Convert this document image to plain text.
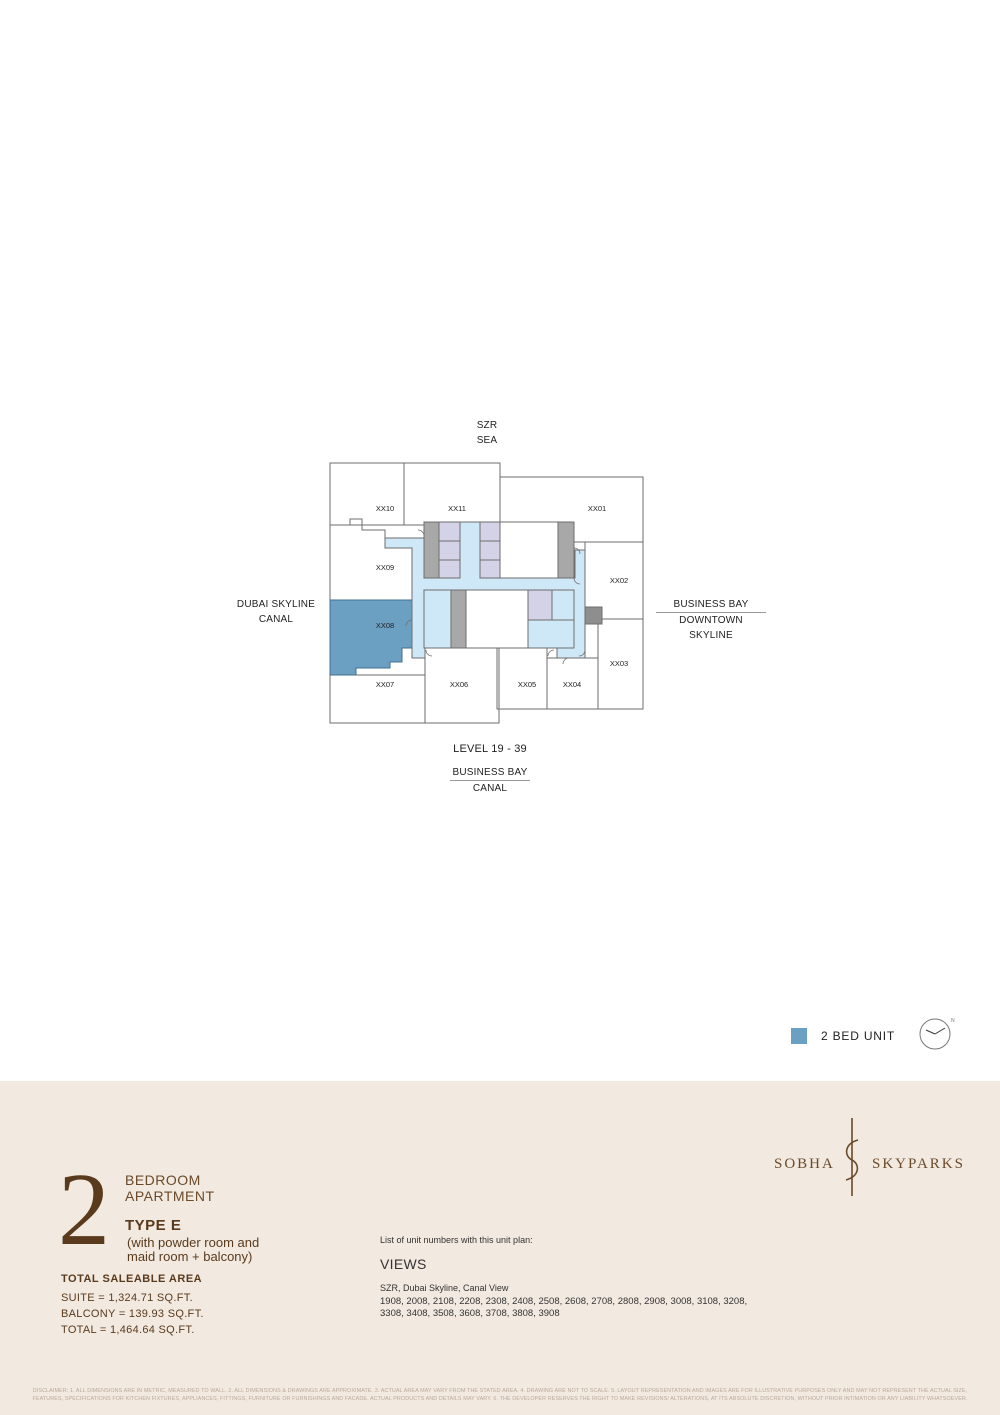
SZR
SEA
DUBAI SKYLINE
CANAL
BUSINESS BAY
DOWNTOWN SKYLINE
LEVEL 19 - 39
BUSINESS BAY
CANAL
XX10	XX11	XX01
XX09
XX02
XX08
XX03
XX07	XX06	XX05	XX04
2 BED UNIT
N
2 BEDROOM
APARTMENT
TYPE E
(with powder room and
maid room + balcony)
TOTAL SALEABLE AREA
SUITE = 1,324.71 SQ.FT.
BALCONY = 139.93 SQ.FT.
TOTAL = 1,464.64 SQ.FT.
List of unit numbers with this unit plan:
VIEWS
SZR, Dubai Skyline, Canal View
1908, 2008, 2108, 2208, 2308, 2408, 2508, 2608, 2708, 2808, 2908, 3008, 3108, 3208, 3308, 3408, 3508, 3608, 3708, 3808, 3908
SOBHA SKYPARKS
DISCLAIMER: 1. ALL DIMENSIONS ARE IN METRIC, MEASURED TO WALL. 2. ALL DIMENSIONS & DRAWINGS ARE APPROXIMATE. 3. ACTUAL AREA MAY VARY FROM THE STATED AREA. 4. DRAWING ARE NOT TO SCALE. 5. LAYOUT REPRESENTATION AND IMAGES ARE FOR ILLUSTRATIVE PURPOSES ONLY AND MAY NOT REPRESENT THE ACTUAL SIZE, FEATURES, SPECIFICATIONS FOR KITCHEN FIXTURES, APPLIANCES, FITTINGS, FURNITURE OR FURNISHINGS AND FACADE. ACTUAL PRODUCTS AND DETAILS MAY VARY. 6. THE DEVELOPER RESERVES THE RIGHT TO MAKE REVISIONS/ ALTERATIONS, AT ITS ABSOLUTE DISCRETION, WITHOUT PRIOR INTIMATION OR ANY LIABILITY WHATSOEVER.
